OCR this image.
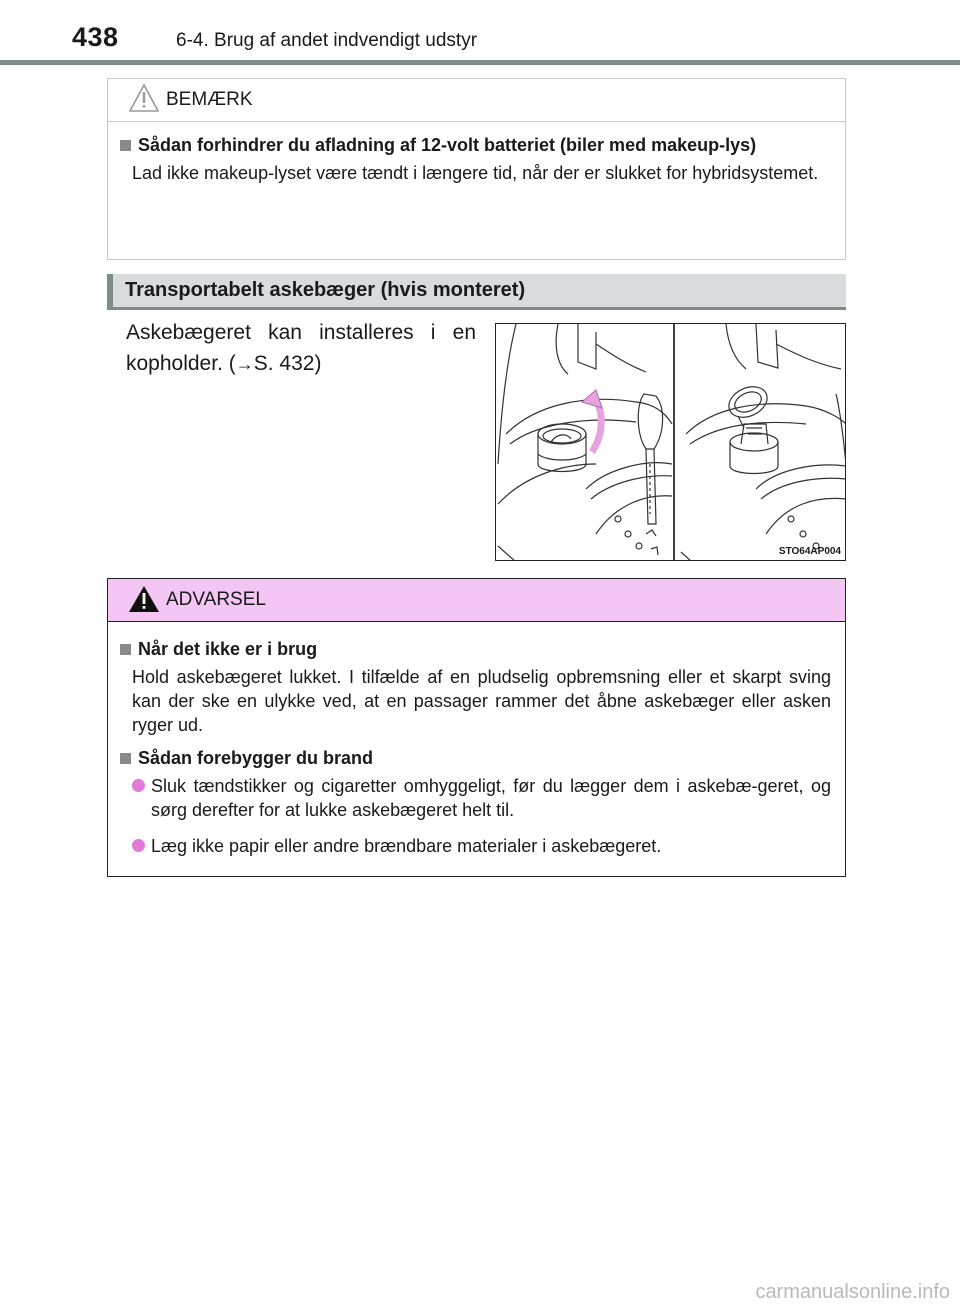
438	6-4. Brug af andet indvendigt udstyr
BEMÆRK
Sådan forhindrer du afladning af 12-volt batteriet (biler med makeup-lys)
Lad ikke makeup-lyset være tændt i længere tid, når der er slukket for hybridsystemet.
Transportabelt askebæger (hvis monteret)
Askebægeret kan installeres i en
kopholder. (→S. 432)
STO64AP004
ADVARSEL
Når det ikke er i brug
Hold askebægeret lukket. I tilfælde af en pludselig opbremsning eller et skarpt sving kan der ske en ulykke ved, at en passager rammer det åbne askebæger eller asken ryger ud.
Sådan forebygger du brand
Sluk tændstikker og cigaretter omhyggeligt, før du lægger dem i askebæ-geret, og sørg derefter for at lukke askebægeret helt til.
Læg ikke papir eller andre brændbare materialer i askebægeret.
carmanualsonline.info
